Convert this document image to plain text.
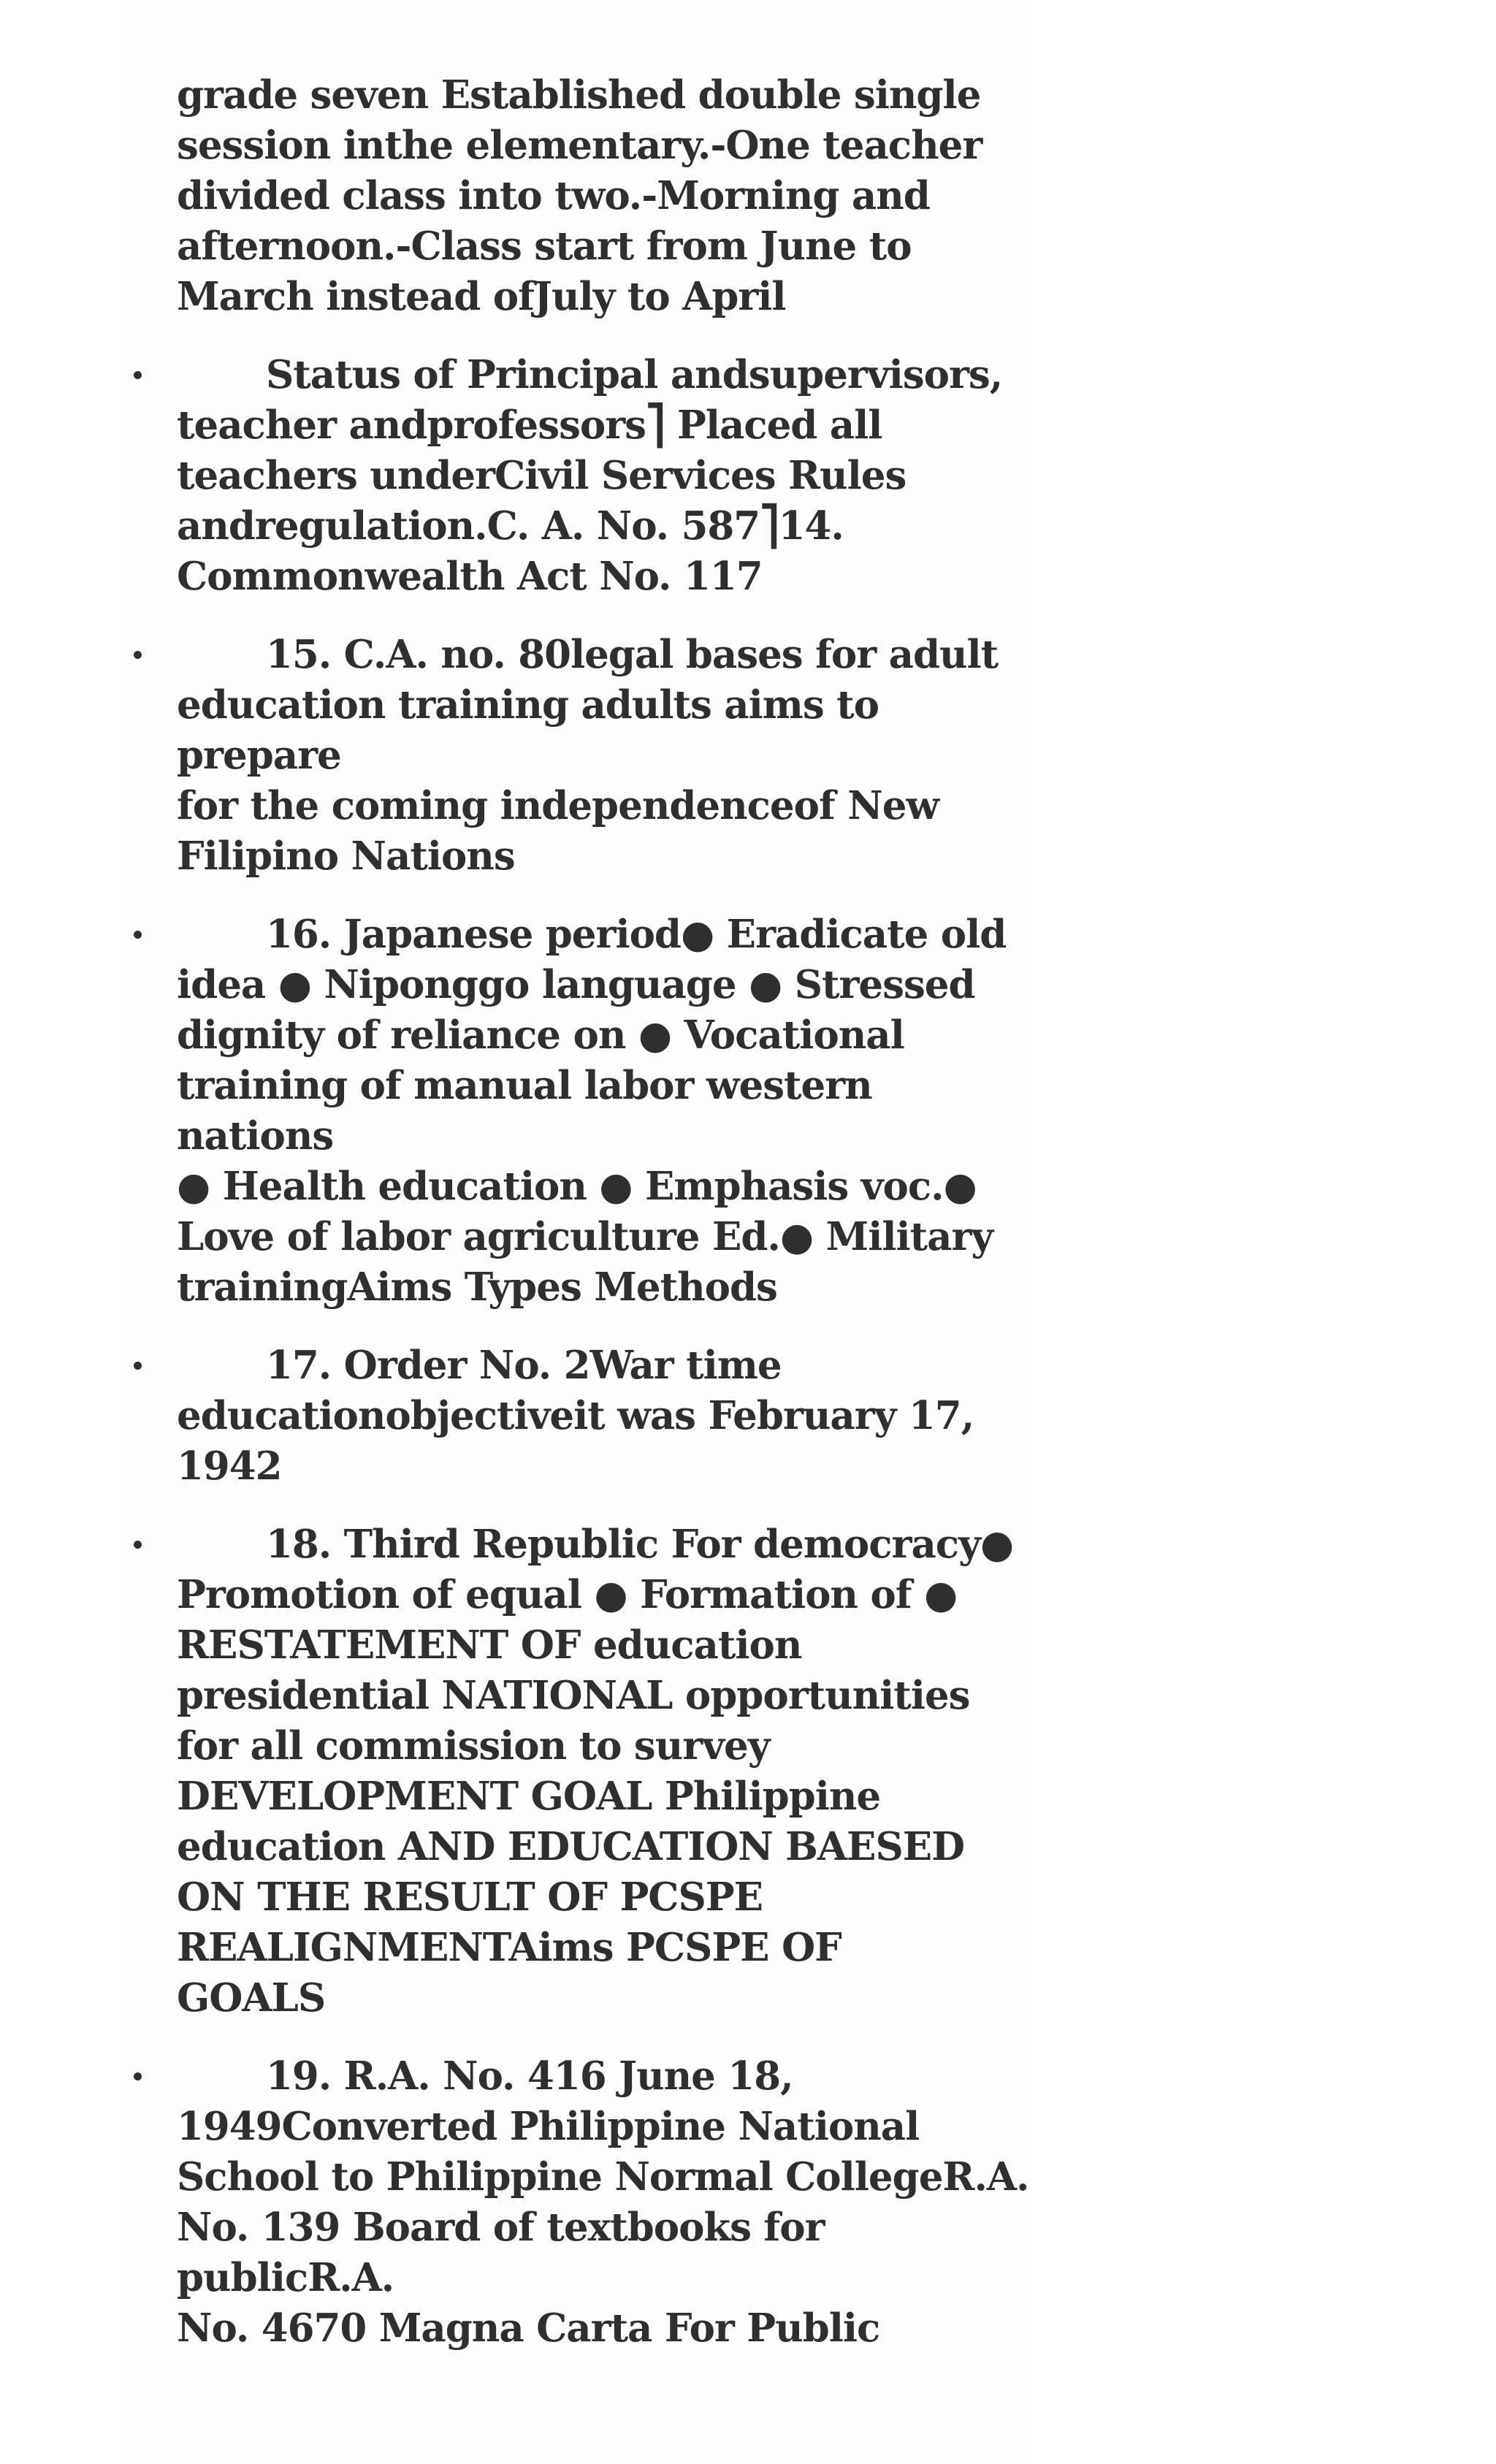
grade seven Established double single
session inthe elementary.-One teacher
divided class into two.-Morning and
afternoon.-Class start from June to
March instead ofJuly to April

Status of Principal andsupervisors,
teacher andprofessors⎤ Placed all
teachers underCivil Services Rules
andregulation.C. A. No. 587⎤14.
Commonwealth Act No. 117
15. C.A. no. 80legal bases for adult
education training adults aims to prepare
for the coming independenceof New
Filipino Nations
16. Japanese period● Eradicate old
idea ● Niponggo language ● Stressed
dignity of reliance on ● Vocational
training of manual labor western nations
● Health education ● Emphasis voc.●
Love of labor agriculture Ed.● Military
trainingAims Types Methods
17. Order No. 2War time
educationobjectiveit was February 17,
1942
18. Third Republic For democracy●
Promotion of equal ● Formation of ●
RESTATEMENT OF education
presidential NATIONAL opportunities
for all commission to survey
DEVELOPMENT GOAL Philippine
education AND EDUCATION BAESED
ON THE RESULT OF PCSPE
REALIGNMENTAims PCSPE OF
GOALS
19. R.A. No. 416 June 18,
1949Converted Philippine National
School to Philippine Normal CollegeR.A.
No. 139 Board of textbooks for publicR.A.
No. 4670 Magna Carta For Public
